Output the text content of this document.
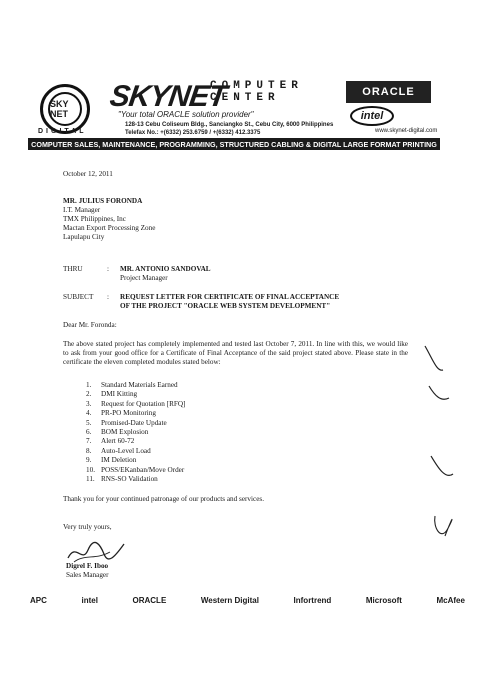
SKY NET
DIGITAL
SKYNET
COMPUTER
CENTER
"Your total ORACLE solution provider"
128-13 Cebu Coliseum Bldg., Sanciangko St., Cebu City, 6000 Philippines
Telefax No.: +(6332) 253.6759 / +(6332) 412.3375
ORACLE
intel
www.skynet-digital.com
COMPUTER SALES, MAINTENANCE, PROGRAMMING, STRUCTURED CABLING & DIGITAL LARGE FORMAT PRINTING
October 12, 2011
MR. JULIUS FORONDA
I.T. Manager
TMX Philippines, Inc
Mactan Export Processing Zone
Lapulapu City
THRU	: MR. ANTONIO SANDOVAL
Project Manager
SUBJECT : REQUEST LETTER FOR CERTIFICATE OF FINAL ACCEPTANCE
OF THE PROJECT "ORACLE WEB SYSTEM DEVELOPMENT"
Dear Mr. Foronda:
The above stated project has completely implemented and tested last October 7, 2011. In line with this, we would like to ask from your good office for a Certificate of Final Acceptance of the said project stated above. Please state in the certificate the eleven completed modules stated below:
1.	Standard Materials Earned
2.	DMI Kitting
3.	Request for Quotation [RFQ]
4.	PR-PO Monitoring
5.	Promised-Date Update
6.	BOM Explosion
7.	Alert 60-72
8.	Auto-Level Load
9.	IM Deletion
10. POSS/EKanban/Move Order
11. RNS-SO Validation
Thank you for your continued patronage of our products and services.
Very truly yours,
Digrel F. Iboo
Sales Manager
APC	intel	ORACLE	Western Digital	Infortrend	Microsoft	McAfee
